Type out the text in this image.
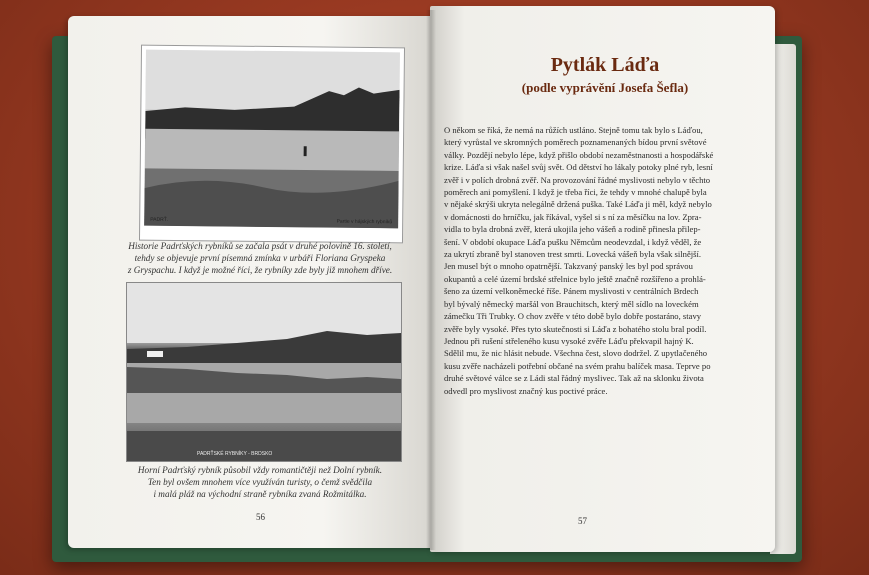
PADRŤ.	Partie v hájských rybníků
Historie Padrťských rybníků se začala psát v druhé polovině 16. století,
tehdy se objevuje první písemná zmínka v urbáři Floriana Gryspeka
z Gryspachu. I když je možné říci, že rybníky zde byly již mnohem dříve.
PADRŤSKÉ RYBNÍKY - BRDSKO
Horní Padrťský rybník působil vždy romantičtěji než Dolní rybník.
Ten byl ovšem mnohem více využíván turisty, o čemž svědčila
i malá pláž na východní straně rybníka zvaná Rožmitálka.
56
Pytlák Láďa
(podle vyprávění Josefa Šefla)
O někom se říká, že nemá na růžích ustláno. Stejně tomu tak bylo s Láďou,
který vyrůstal ve skromných poměrech poznamenaných bídou první světové
války. Pozdějí nebylo lépe, když přišlo období nezaměstnanosti a hospodářské
krize. Láďa si však našel svůj svět. Od dětství ho lákaly potoky plné ryb, lesní
zvěř i v polích drobná zvěř. Na provozování řádné myslivosti nebylo v těchto
poměrech ani pomyšlení. I když je třeba říci, že tehdy v mnohé chalupě byla
v nějaké skrýši ukryta nelegálně držená puška. Také Láďa ji měl, když nebylo
v domácnosti do hrníčku, jak říkával, vyšel si s ní za měsíčku na lov. Zpra-
vidla to byla drobná zvěř, která ukojila jeho vášeň a rodině přinesla přilep-
šení. V období okupace Láďa pušku Němcům neodevzdal, i když věděl, že
za ukrytí zbraně byl stanoven trest smrti. Lovecká vášeň byla však silnější.
Jen musel být o mnoho opatrnější. Takzvaný panský les byl pod správou
okupantů a celé území brdské střelnice bylo ještě značně rozšířeno a prohlá-
šeno za území velkoněmecké říše. Pánem myslivosti v centrálních Brdech
byl bývalý německý maršál von Brauchitsch, který měl sídlo na loveckém
zámečku Tři Trubky. O chov zvěře v této době bylo dobře postaráno, stavy
zvěře byly vysoké. Přes tyto skutečnosti si Láďa z bohatého stolu bral podíl.
Jednou při rušení střeleného kusu vysoké zvěře Láďu překvapil hajný K.
Sdělil mu, že nic hlásit nebude. Všechna čest, slovo dodržel. Z upytlačeného
kusu zvěře nacházeli potřební občané na svém prahu balíček masa. Teprve po
druhé světové válce se z Ládi stal řádný myslivec. Tak až na sklonku života
odvedl pro myslivost značný kus poctivé práce.
57
